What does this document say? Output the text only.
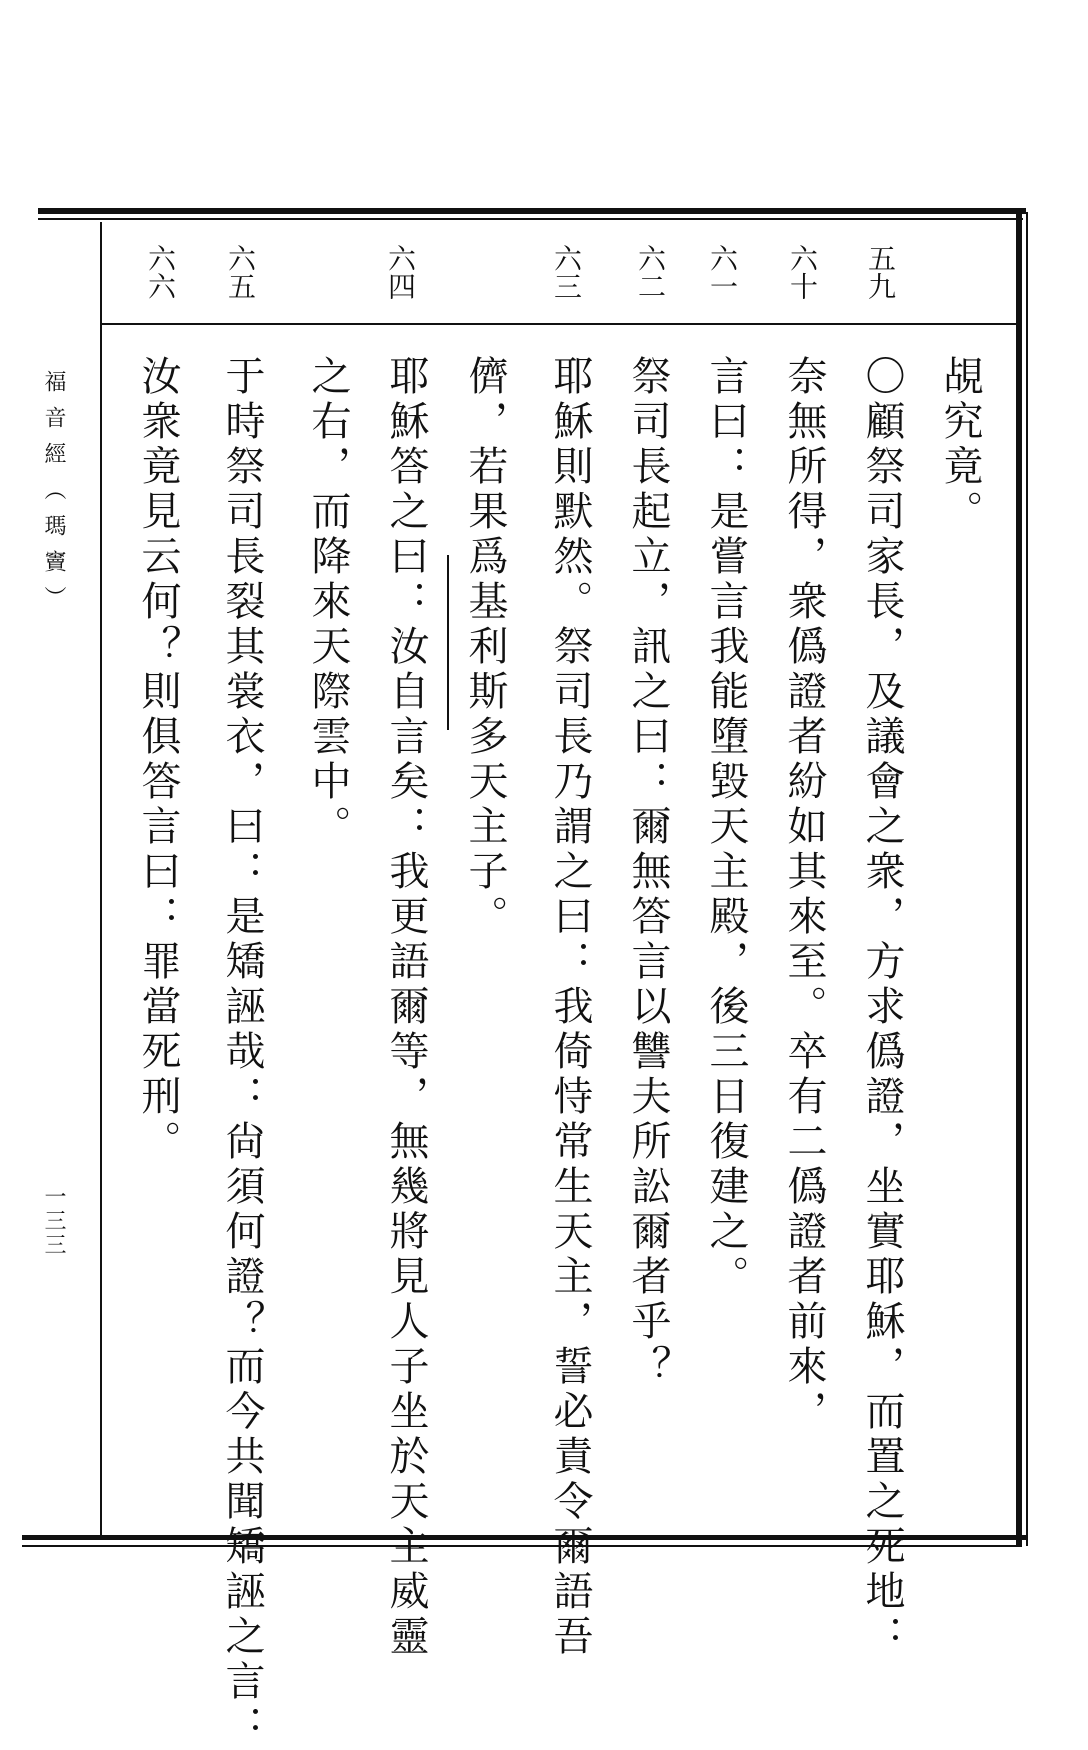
福音經（瑪竇）
一三三
五九
六十
六一
六二
六三
六四
六五
六六
覘究竟。
〇顧祭司家長，及議會之衆，方求僞證，坐實耶穌，而置之死地：
奈無所得，衆僞證者紛如其來至。卒有二僞證者前來，
言曰：是嘗言我能墮毀天主殿，後三日復建之。
祭司長起立，訊之曰：爾無答言以讐夫所訟爾者乎？
耶穌則默然。祭司長乃謂之曰：我倚恃常生天主，誓必責令爾語吾
儕，若果爲基利斯多天主子。
耶穌答之曰：汝自言矣：我更語爾等，無幾將見人子坐於天主威靈
之右，而降來天際雲中。
于時祭司長裂其裳衣，曰：是矯誣哉：尙須何證？而今共聞矯誣之言：
汝衆竟見云何？則俱答言曰：罪當死刑。
